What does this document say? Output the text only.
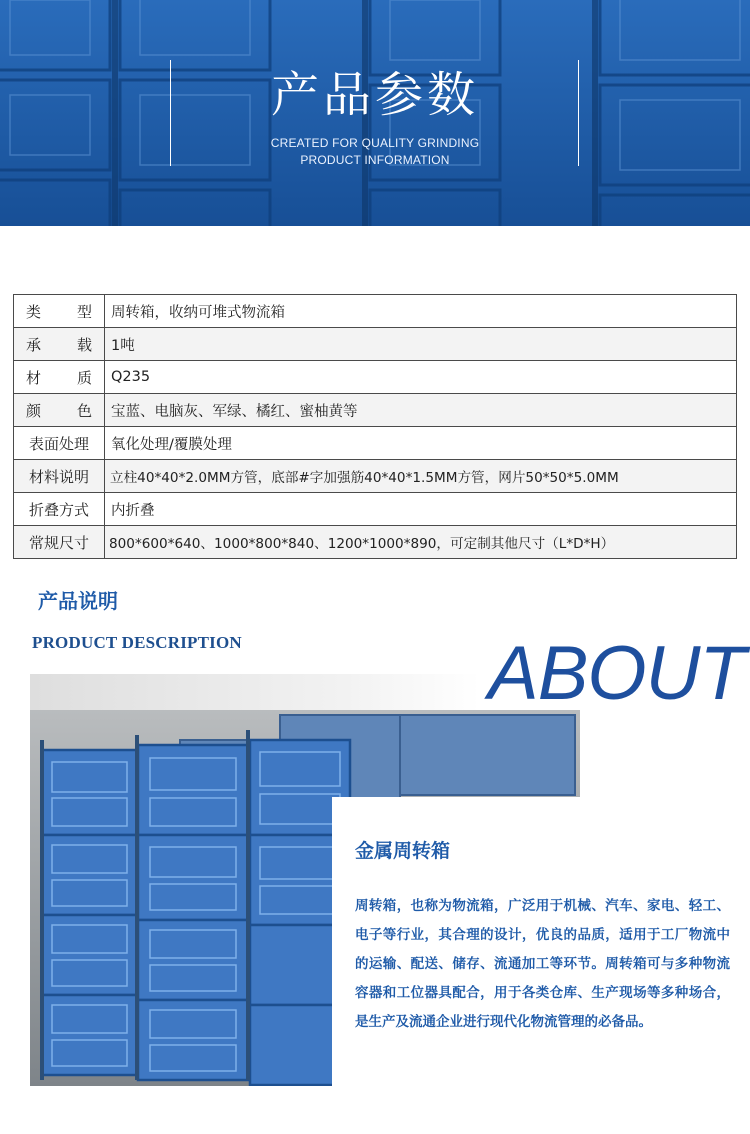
产品参数
CREATED FOR QUALITY GRINDING
PRODUCT INFORMATION
类 型	周转箱，收纳可堆式物流箱

承 载	1吨

材 质	Q235

颜 色	宝蓝、电脑灰、军绿、橘红、蜜柚黄等
表面处理	氧化处理/覆膜处理
材料说明	立柱40*40*2.0MM方管，底部#字加强筋40*40*1.5MM方管，网片50*50*5.0MM
折叠方式	内折叠
常规尺寸	800*600*640、1000*800*840、1200*1000*890，可定制其他尺寸（L*D*H）
产品说明
PRODUCT DESCRIPTION	ABOUT
金属周转箱
周转箱，也称为物流箱，广泛用于机械、汽车、家电、轻工、电子等行业，其合理的设计，优良的品质，适用于工厂物流中的运输、配送、储存、流通加工等环节。周转箱可与多种物流容器和工位器具配合，用于各类仓库、生产现场等多种场合，是生产及流通企业进行现代化物流管理的必备品。
